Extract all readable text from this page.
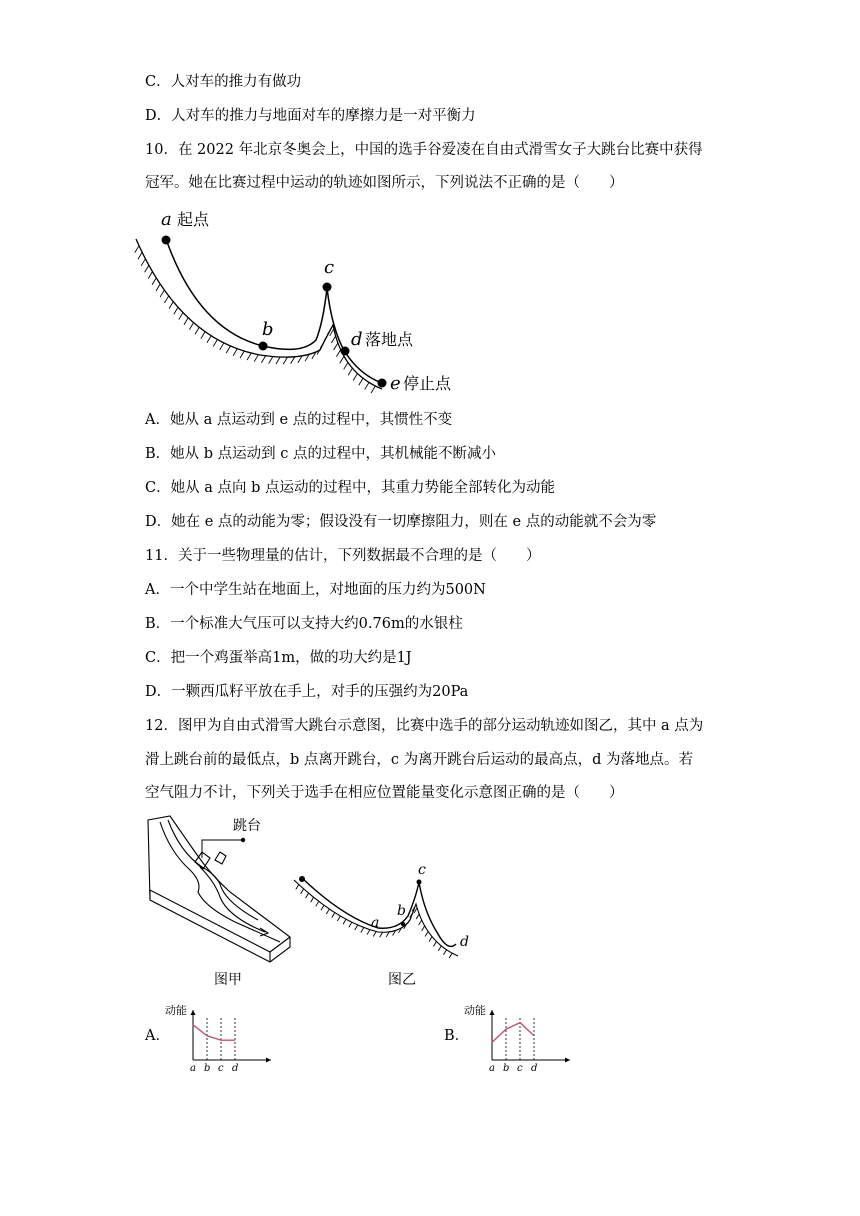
C．人对车的推力有做功
D．人对车的推力与地面对车的摩擦力是一对平衡力
10．在 2022 年北京冬奥会上，中国的选手谷爱凌在自由式滑雪女子大跳台比赛中获得
冠军。她在比赛过程中运动的轨迹如图所示，下列说法不正确的是（　　）
a 起点
b
c
d 落地点
e 停止点
A．她从 a 点运动到 e 点的过程中，其惯性不变
B．她从 b 点运动到 c 点的过程中，其机械能不断减小
C．她从 a 点向 b 点运动的过程中，其重力势能全部转化为动能
D．她在 e 点的动能为零；假设没有一切摩擦阻力，则在 e 点的动能就不会为零
11．关于一些物理量的估计，下列数据最不合理的是（　　）
A．一个中学生站在地面上，对地面的压力约为500N
B．一个标准大气压可以支持大约0.76m的水银柱
C．把一个鸡蛋举高1m，做的功大约是1J
D．一颗西瓜籽平放在手上，对手的压强约为20Pa
12．图甲为自由式滑雪大跳台示意图，比赛中选手的部分运动轨迹如图乙，其中 a 点为
滑上跳台前的最低点，b 点离开跳台，c 为离开跳台后运动的最高点，d 为落地点。若
空气阻力不计，下列关于选手在相应位置能量变化示意图正确的是（　　）
跳台
图甲
a
b
c
d
图乙
A．
动能
a b c d
B．
动能
a b c d
